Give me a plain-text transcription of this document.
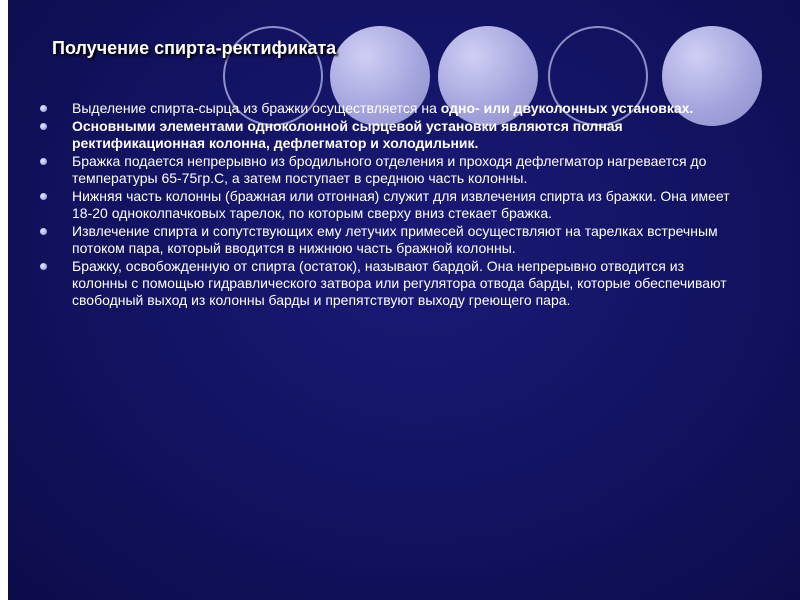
Получение спирта-ректификата
Выделение спирта-сырца из бражки осуществляется на одно- или двуколонных установках.
Основными элементами одноколонной сырцевой установки являются полная ректификационная колонна, дефлегматор и холодильник.
Бражка подается непрерывно из бродильного отделения и проходя дефлегматор нагревается до температуры 65-75гр.С, а затем поступает в среднюю часть колонны.
Нижняя часть колонны (бражная или отгонная) служит для извлечения спирта из бражки. Она имеет 18-20 одноколпачковых тарелок, по которым сверху вниз стекает бражка.
Извлечение спирта и сопутствующих ему летучих примесей осуществляют на тарелках встречным потоком пара, который вводится в нижнюю часть бражной колонны.
Бражку, освобожденную от спирта (остаток), называют бардой. Она непрерывно отводится из колонны с помощью гидравлического затвора или регулятора отвода барды, которые обеспечивают свободный выход из колонны барды и препятствуют выходу греющего пара.
